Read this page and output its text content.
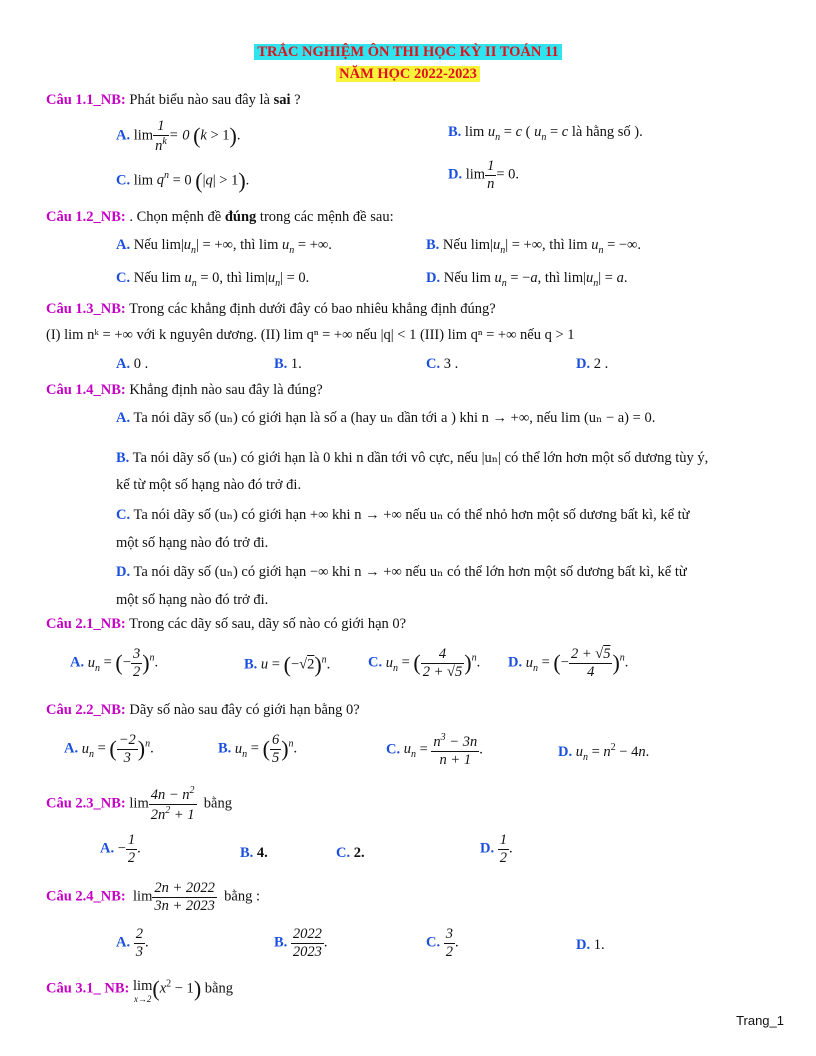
TRẮC NGHIỆM ÔN THI HỌC KỲ II TOÁN 11
NĂM HỌC 2022-2023
Câu 1.1_NB: Phát biểu nào sau đây là sai ?
A. $\lim \frac{1}{n^k} = 0$ (k > 1).	B. $\lim u_n = c$ ( $u_n = c$ là hằng số ).
C. $\lim q^n = 0$ (|q| > 1).	D. $\lim \frac{1}{n} = 0$.
Câu 1.2_NB: . Chọn mệnh đề đúng trong các mệnh đề sau:
A. Nếu $\lim|u_n|$ = +∞, thì $\lim u_n$ = +∞.	B. Nếu $\lim|u_n|$ = +∞, thì $\lim u_n$ = −∞.
C. Nếu $\lim u_n = 0$, thì $\lim|u_n| = 0$.	D. Nếu $\lim u_n = -a$, thì $\lim|u_n| = a$.
Câu 1.3_NB: Trong các khẳng định dưới đây có bao nhiêu khẳng định đúng?
(I) lim nᵏ = +∞ với k nguyên dương. (II) lim qⁿ = +∞ nếu |q| < 1 (III) lim qⁿ = +∞ nếu q > 1
A. 0 .	B. 1.	C. 3 .	D. 2 .
Câu 1.4_NB: Khẳng định nào sau đây là đúng?
A. Ta nói dãy số (uₙ) có giới hạn là số a (hay uₙ dần tới a ) khi n → +∞, nếu lim (uₙ − a) = 0.
B. Ta nói dãy số (uₙ) có giới hạn là 0 khi n dần tới vô cực, nếu |uₙ| có thể lớn hơn một số dương tùy ý,
kể từ một số hạng nào đó trở đi.
C. Ta nói dãy số (uₙ) có giới hạn +∞ khi n → +∞ nếu uₙ có thể nhỏ hơn một số dương bất kì, kể từ
một số hạng nào đó trở đi.
D. Ta nói dãy số (uₙ) có giới hạn −∞ khi n → +∞ nếu uₙ có thể lớn hơn một số dương bất kì, kể từ
một số hạng nào đó trở đi.
Câu 2.1_NB: Trong các dãy số sau, dãy số nào có giới hạn 0?
A. $u_n$ = (− $\frac{3}{2} )^n$.	B. $u = (-√2)^n$.	C. $u_n$ = ( $\frac{4}{2 + √5} )^n$. D. $u_n$ = (− $\frac{2 + √5}{4} )^n$.
Câu 2.2_NB: Dãy số nào sau đây có giới hạn bằng 0?
A. $u_n$ = ( $\frac{-2}{3} )^n$.	B. $u_n$ = ( $\frac{6}{5} )^n$.	C. $u_n = \frac{n^3 - 3n}{n + 1}$ .	D. $u_n = n^2 - 4n$.
Câu 2.3_NB: $\lim \frac{4n - n^2}{2n^2 + 1}$ bằng
A. − $\frac{1}{2}$ .	B. 4.	C. 2.	D. $\frac{1}{2}$ .
Câu 2.4_NB:  $\lim \frac{2n + 2022}{3n + 2023}$ bằng :
A. $\frac{2}{3}$ .	B. $\frac{2022}{2023}$ .	C. $\frac{3}{2}$ .	D. 1.
Câu 3.1_ NB: lim
x→2 $(x^2 - 1)$ bằng
Trang_1
